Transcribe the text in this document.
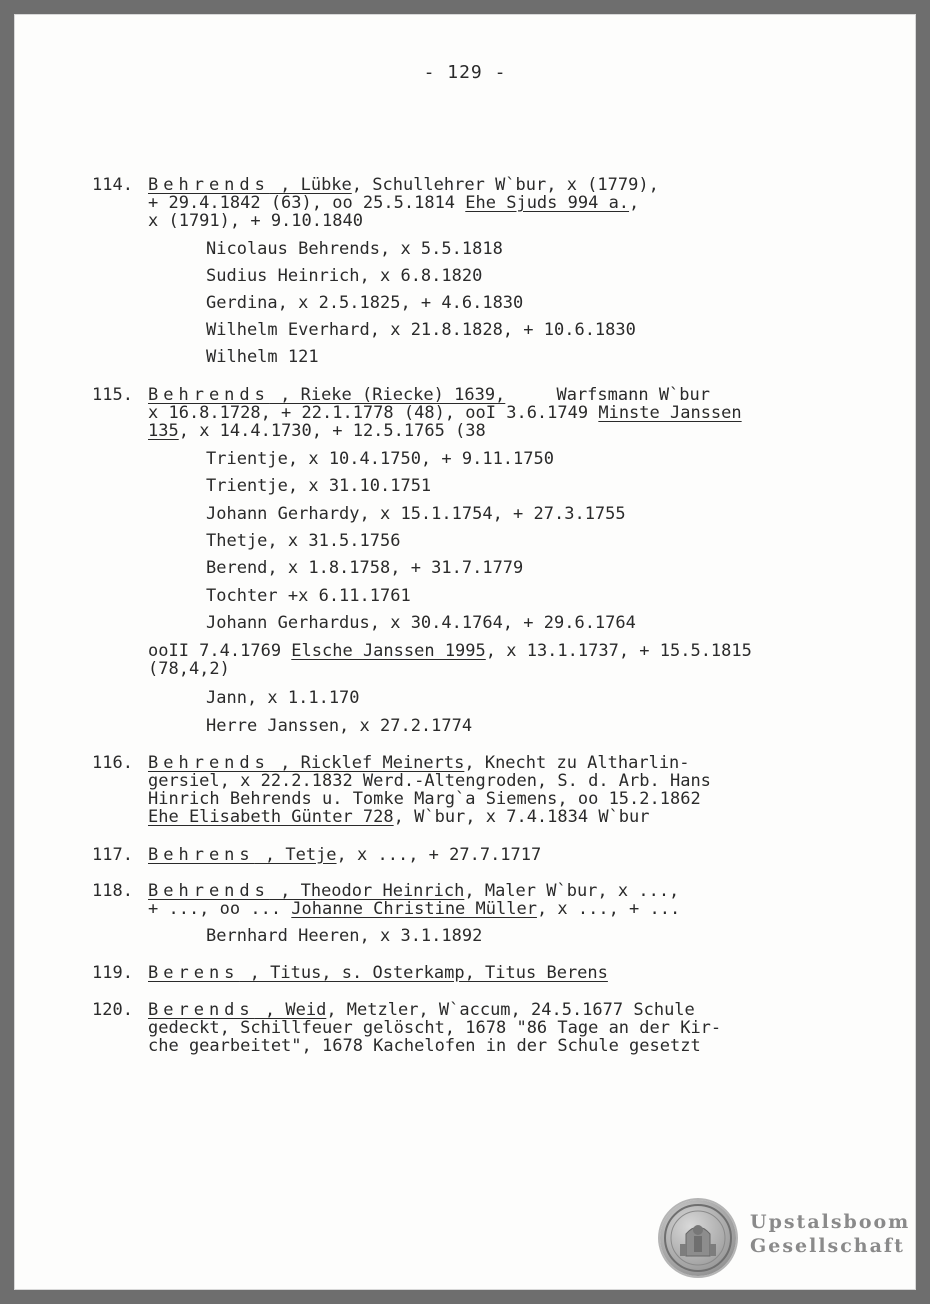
- 129 -
114. Behrends , Lübke, Schullehrer W`bur, x (1779),
+ 29.4.1842 (63), oo 25.5.1814 Ehe Sjuds 994 a.,
x (1791), + 9.10.1840
Nicolaus Behrends, x 5.5.1818
Sudius Heinrich, x 6.8.1820
Gerdina, x 2.5.1825, + 4.6.1830
Wilhelm Everhard, x 21.8.1828, + 10.6.1830
Wilhelm 121
115. Behrends , Rieke (Riecke) 1639,     Warfsmann W`bur
x 16.8.1728, + 22.1.1778 (48), ooI 3.6.1749 Minste Janssen
135, x 14.4.1730, + 12.5.1765 (38
Trientje, x 10.4.1750, + 9.11.1750
Trientje, x 31.10.1751
Johann Gerhardy, x 15.1.1754, + 27.3.1755
Thetje, x 31.5.1756
Berend, x 1.8.1758, + 31.7.1779
Tochter +x 6.11.1761
Johann Gerhardus, x 30.4.1764, + 29.6.1764
ooII 7.4.1769 Elsche Janssen 1995, x 13.1.1737, + 15.5.1815
(78,4,2)
Jann, x 1.1.170
Herre Janssen, x 27.2.1774
116. Behrends , Ricklef Meinerts, Knecht zu Altharlin-
gersiel, x 22.2.1832 Werd.-Altengroden, S. d. Arb. Hans
Hinrich Behrends u. Tomke Marg`a Siemens, oo 15.2.1862
Ehe Elisabeth Günter 728, W`bur, x 7.4.1834 W`bur
117. Behrens , Tetje, x ..., + 27.7.1717
118. Behrends , Theodor Heinrich, Maler W`bur, x ...,
+ ..., oo ... Johanne Christine Müller, x ..., + ...
Bernhard Heeren, x 3.1.1892
119. Berens , Titus, s. Osterkamp, Titus Berens
120. Berends , Weid, Metzler, W`accum, 24.5.1677 Schule
gedeckt, Schillfeuer gelöscht, 1678 "86 Tage an der Kir-
che gearbeitet", 1678 Kachelofen in der Schule gesetzt
Upstalsboom
Gesellschaft
